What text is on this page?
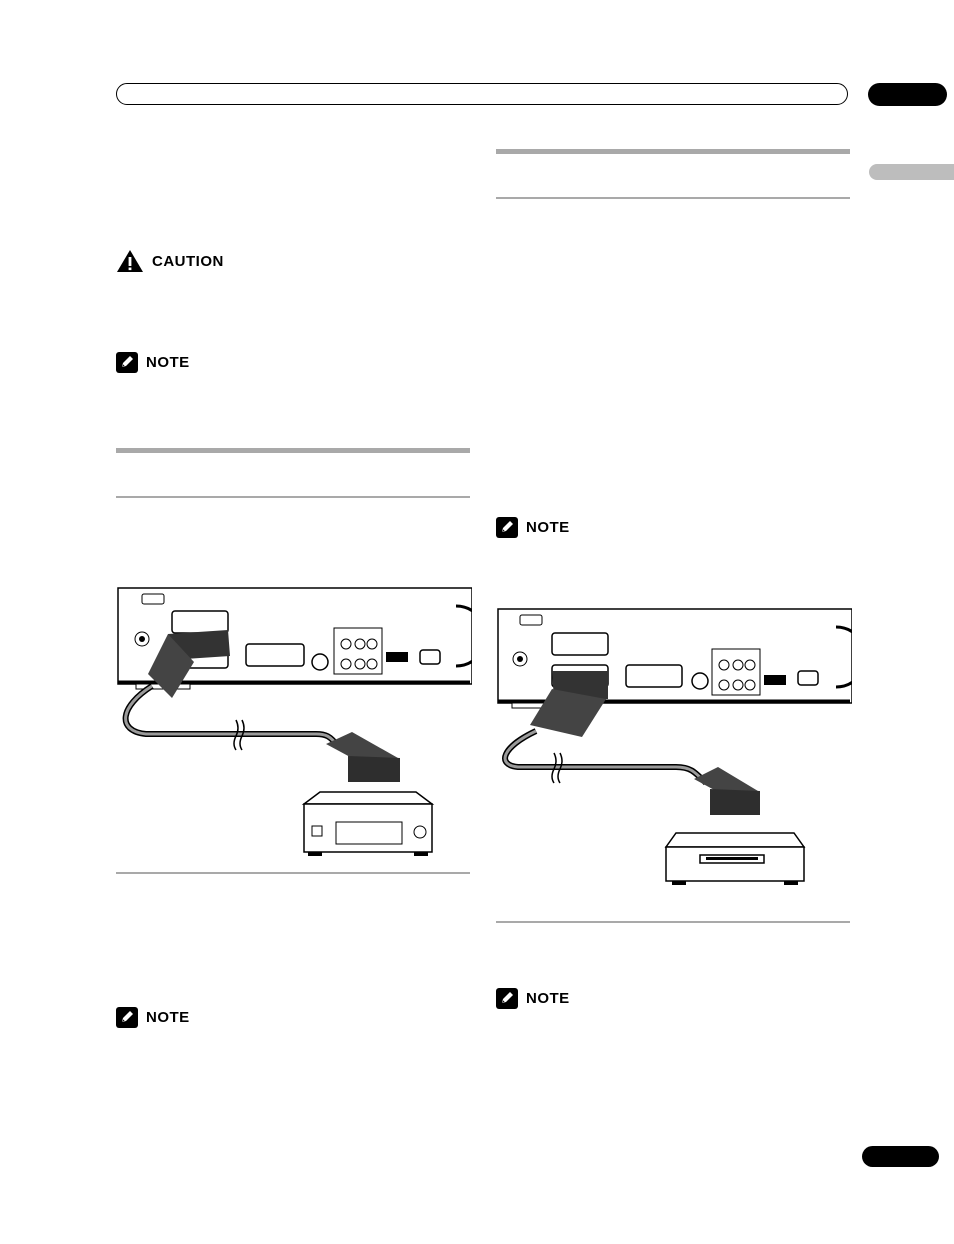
CAUTION
NOTE
NOTE
NOTE
NOTE
